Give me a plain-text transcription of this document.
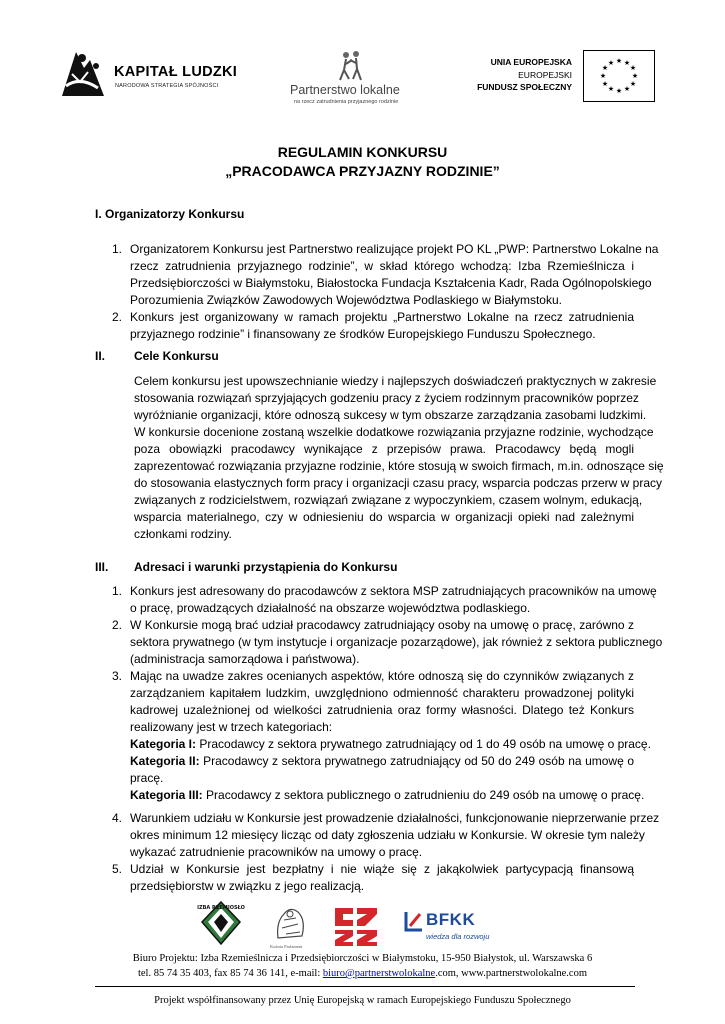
KAPITAŁ LUDZKI
NARODOWA STRATEGIA SPÓJNOŚCI	Partnerstwo lokalne
na rzecz zatrudnienia przyjaznego rodzinie
UNIA EUROPEJSKA
EUROPEJSKI
FUNDUSZ SPOŁECZNY
★ ★
★
★
★
★
★
★
★
★
★
★
REGULAMIN KONKURSU
„PRACODAWCA PRZYJAZNY RODZINIE”
I. Organizatorzy Konkursu
1. Organizatorem Konkursu jest Partnerstwo realizujące projekt PO KL „PWP: Partnerstwo Lokalne na
rzecz zatrudnienia przyjaznego rodzinie”, w skład którego wchodzą: Izba Rzemieślnicza i
Przedsiębiorczości w Białymstoku, Białostocka Fundacja Kształcenia Kadr, Rada Ogólnopolskiego
Porozumienia Związków Zawodowych Województwa Podlaskiego w Białymstoku.
2. Konkurs jest organizowany w ramach projektu „Partnerstwo Lokalne na rzecz zatrudnienia
przyjaznego rodzinie” i finansowany ze środków Europejskiego Funduszu Społecznego.
II. Cele Konkursu
Celem konkursu jest upowszechnianie wiedzy i najlepszych doświadczeń praktycznych w zakresie
stosowania rozwiązań sprzyjających godzeniu pracy z życiem rodzinnym pracowników poprzez
wyróżnianie organizacji, które odnoszą sukcesy w tym obszarze zarządzania zasobami ludzkimi.
W konkursie docenione zostaną wszelkie dodatkowe rozwiązania przyjazne rodzinie, wychodzące
poza obowiązki pracodawcy wynikające z przepisów prawa. Pracodawcy będą mogli
zaprezentować rozwiązania przyjazne rodzinie, które stosują w swoich firmach, m.in. odnoszące się
do stosowania elastycznych form pracy i organizacji czasu pracy, wsparcia podczas przerw w pracy
związanych z rodzicielstwem, rozwiązań związane z wypoczynkiem, czasem wolnym, edukacją,
wsparcia materialnego, czy w odniesieniu do wsparcia w organizacji opieki nad zależnymi
członkami rodziny.
III. Adresaci i warunki przystąpienia do Konkursu
1. Konkurs jest adresowany do pracodawców z sektora MSP zatrudniających pracowników na umowę
o pracę, prowadzących działalność na obszarze województwa podlaskiego.
2. W Konkursie mogą brać udział pracodawcy zatrudniający osoby na umowę o pracę, zarówno z
sektora prywatnego (w tym instytucje i organizacje pozarządowe), jak również z sektora publicznego
(administracja samorządowa i państwowa).
3. Mając na uwadze zakres ocenianych aspektów, które odnoszą się do czynników związanych z
zarządzaniem kapitałem ludzkim, uwzględniono odmienność charakteru prowadzonej polityki
kadrowej uzależnionej od wielkości zatrudnienia oraz formy własności. Dlatego też Konkurs
realizowany jest w trzech kategoriach:
Kategoria I: Pracodawcy z sektora prywatnego zatrudniający od 1 do 49 osób na umowę o pracę.
Kategoria II: Pracodawcy z sektora prywatnego zatrudniający od 50 do 249 osób na umowę o
pracę.
Kategoria III: Pracodawcy z sektora publicznego o zatrudnieniu do 249 osób na umowę o pracę.
4. Warunkiem udziału w Konkursie jest prowadzenie działalności, funkcjonowanie nieprzerwanie przez
okres minimum 12 miesięcy licząc od daty zgłoszenia udziału w Konkursie. W okresie tym należy
wykazać zatrudnienie pracowników na umowy o pracę.
5. Udział w Konkursie jest bezpłatny i nie wiąże się z jakąkolwiek partycypacją finansową
przedsiębiorstw w związku z jego realizacją.
IZBA RZEMIOSŁO
Kuźnia Parlament
BFKK
wiedza dla rozwoju
Biuro Projektu: Izba Rzemieślnicza i Przedsiębiorczości w Białymstoku, 15-950 Białystok, ul. Warszawska 6
tel. 85 74 35 403, fax 85 74 36 141, e-mail: biuro@partnerstwolokalne.com, www.partnerstwolokalne.com
Projekt współfinansowany przez Unię Europejską w ramach Europejskiego Funduszu Społecznego
